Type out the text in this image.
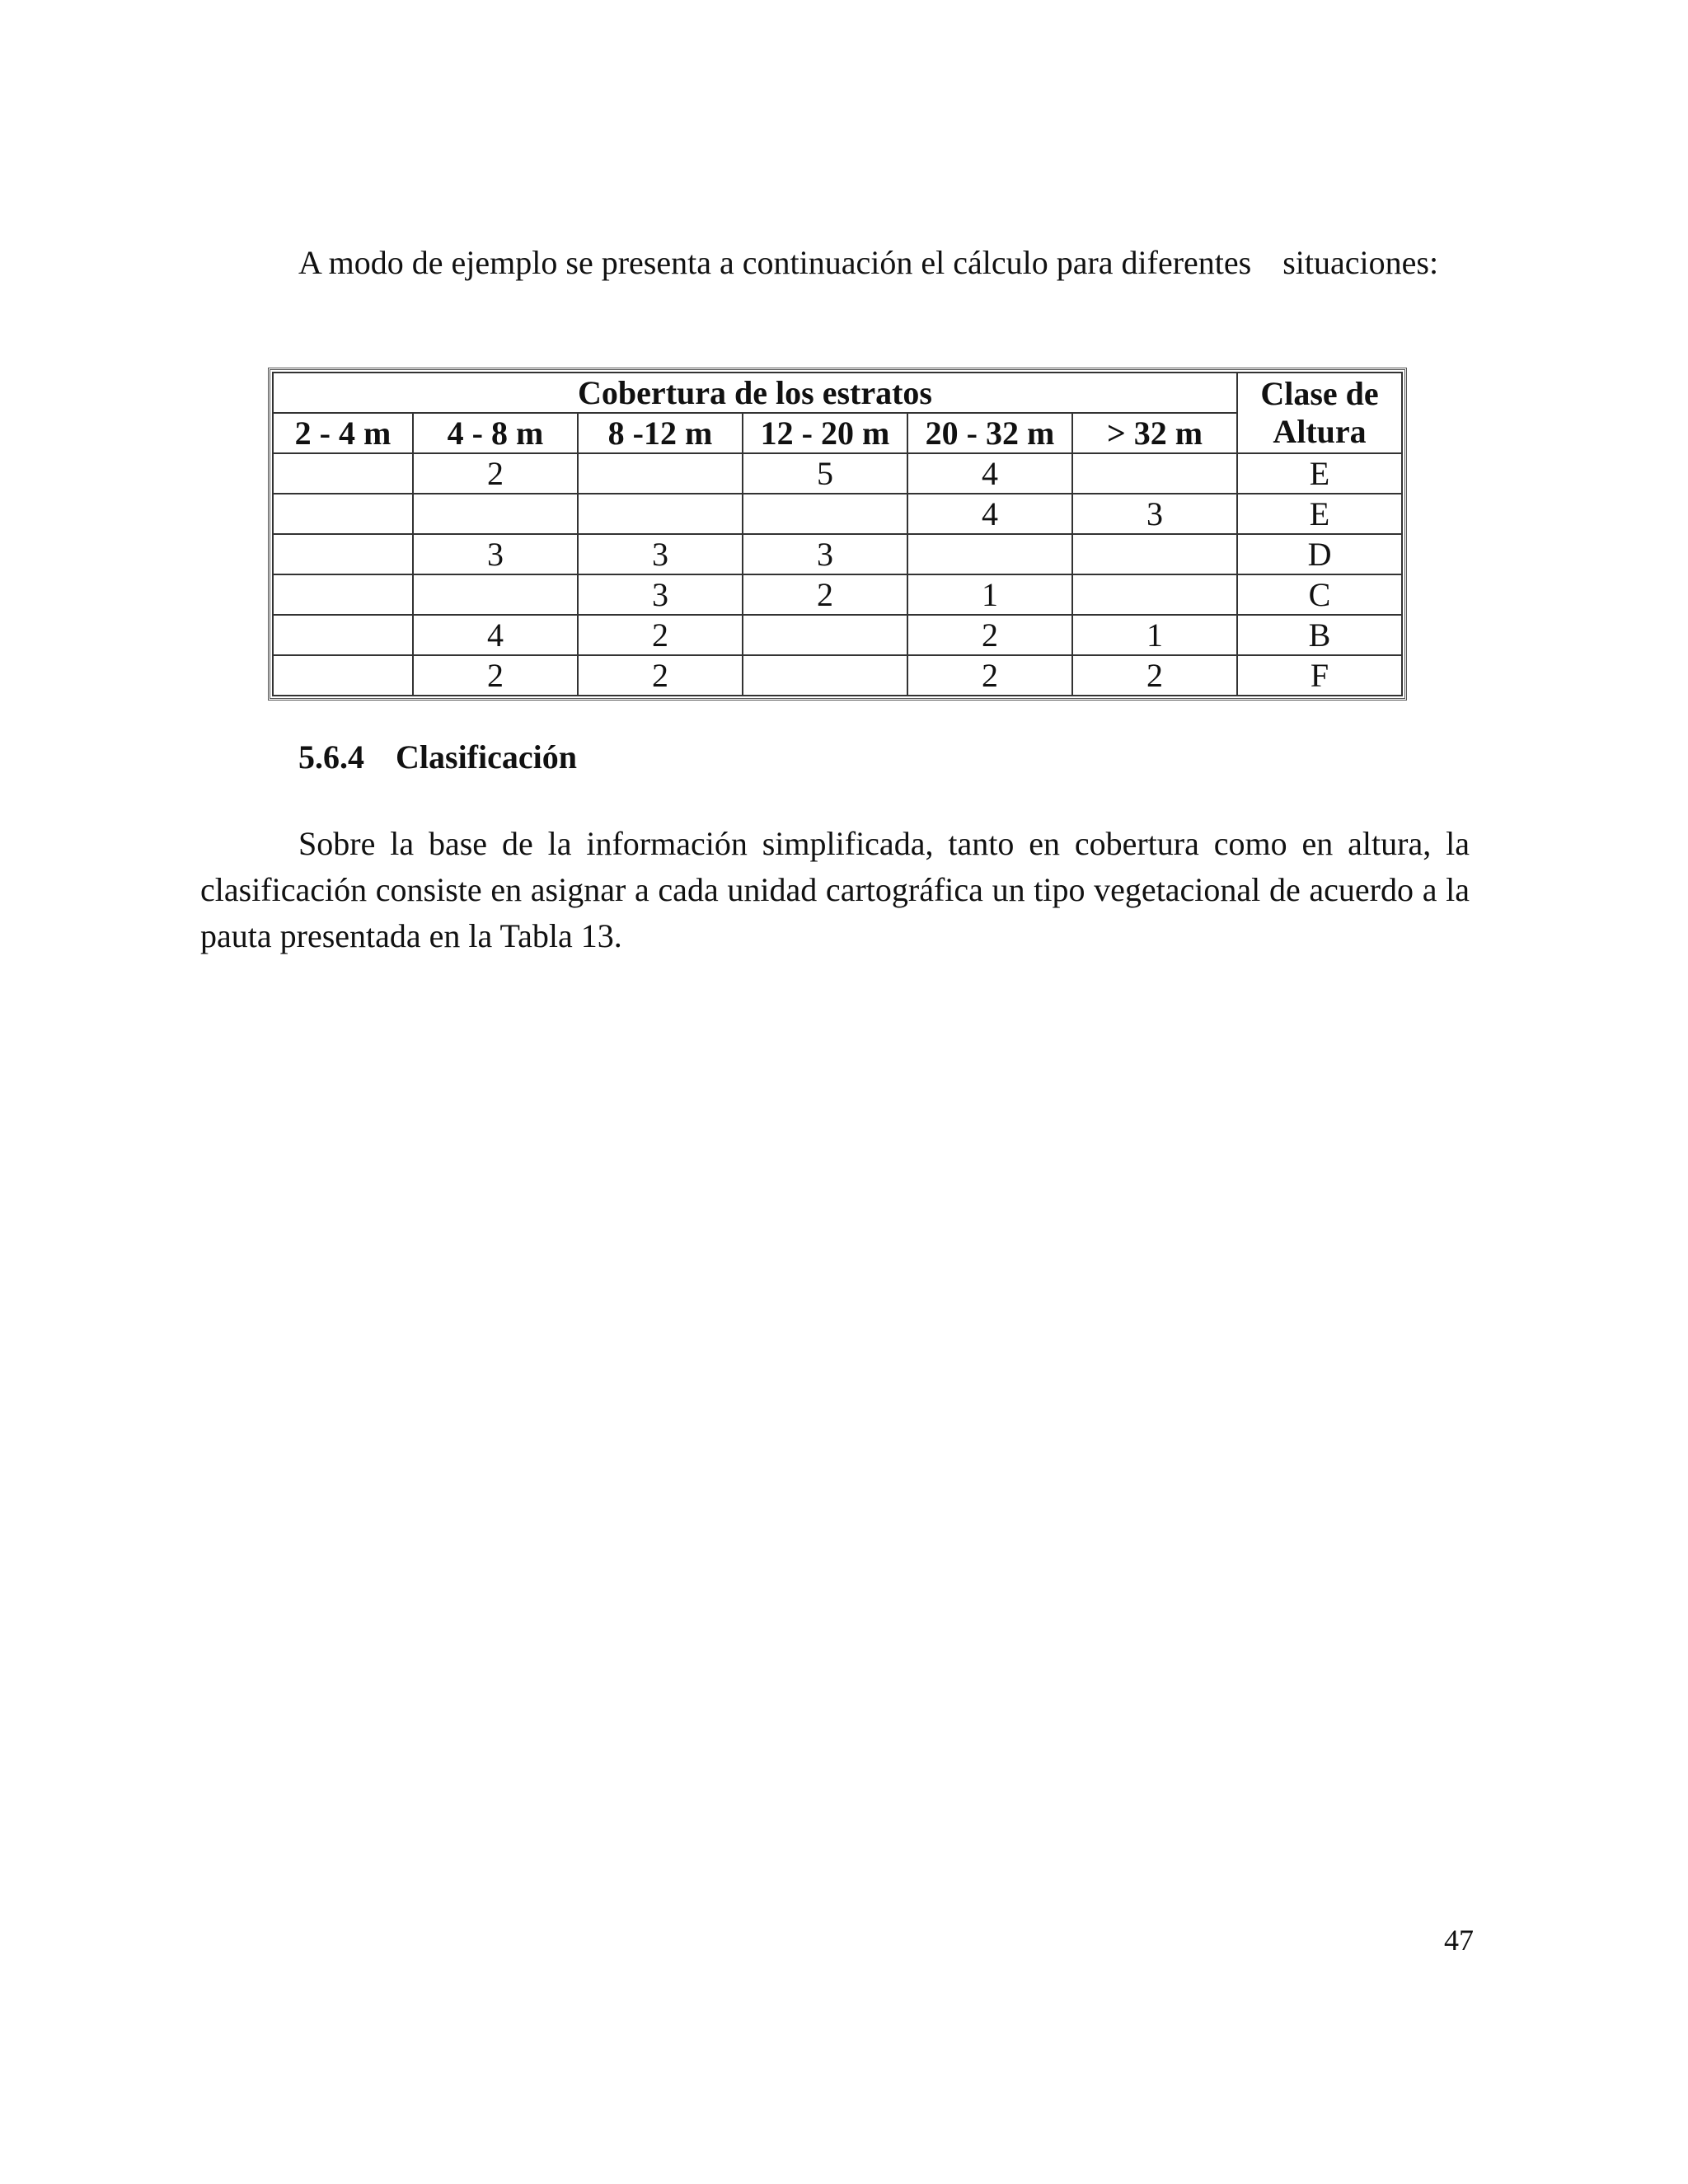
A modo de ejemplo se presenta a continuación el cálculo para diferentes situaciones:
Cobertura de los estratos						Clase de
Altura
2 - 4 m	4 - 8 m	8 -12 m	12 - 20 m	20 - 32 m	> 32 m	
	2		5	4		E
				4	3	E
	3	3	3			D
		3	2	1		C
	4	2		2	1	B
	2	2		2	2	F
5.6.4 Clasificación

Sobre la base de la información simplificada, tanto en cobertura como en altura, la clasificación consiste en asignar a cada unidad cartográfica un tipo vegetacional de acuerdo a la pauta presentada en la Tabla 13.

47
